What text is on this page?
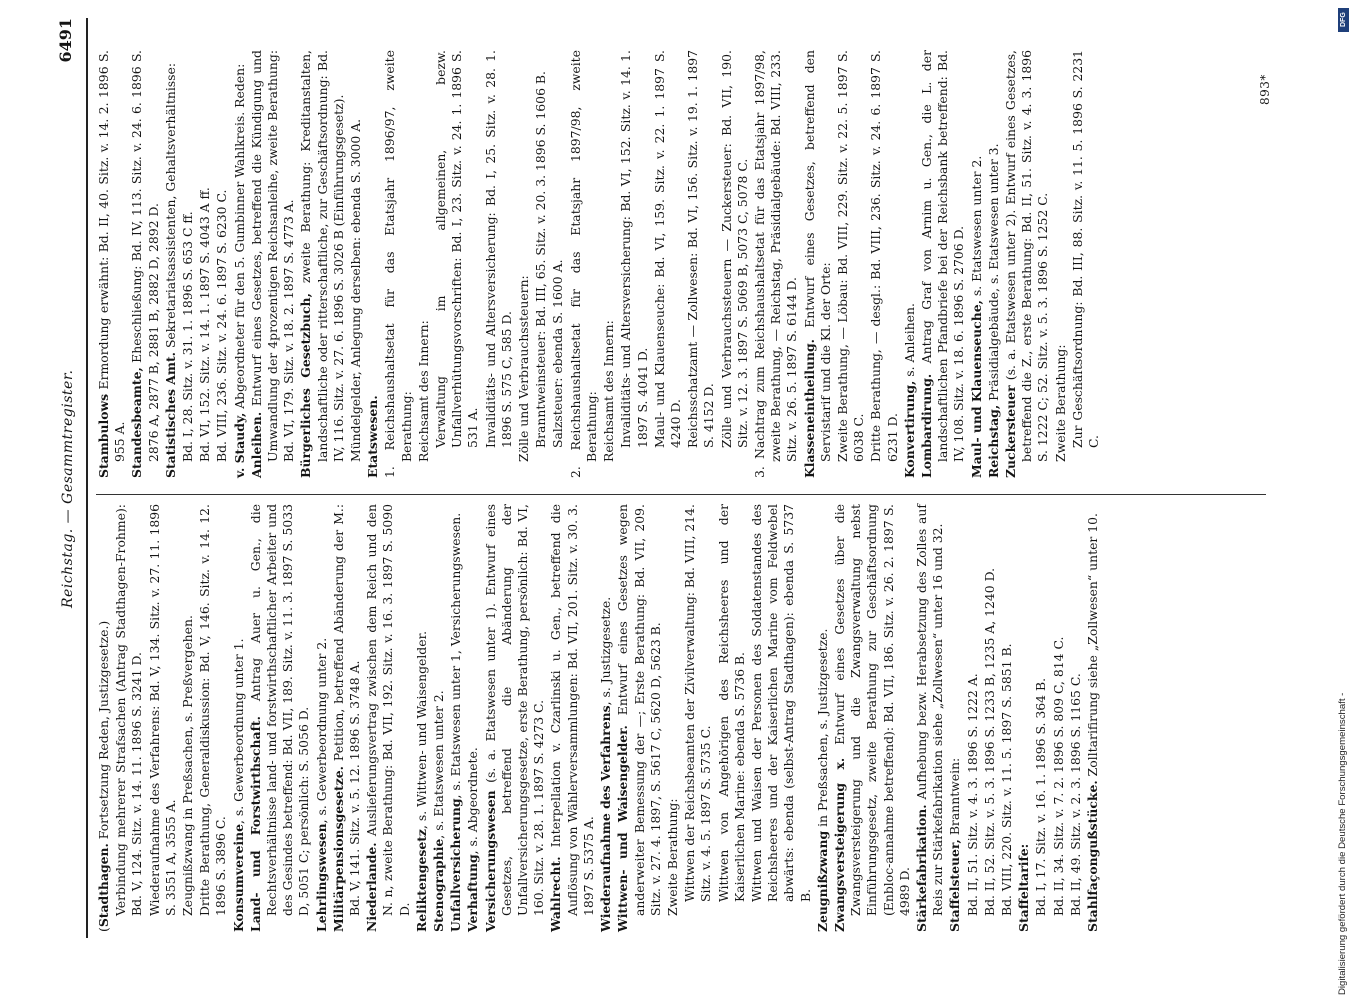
Reichstag. — Gesammtregister.
6491

(Stadthagen. Fortsetzung Reden, Justizgesetze.) Verbindung mehrerer Strafsachen (Antrag Stadthagen-Frohme): Bd. V, 124. Sitz. v. 14. 11. 1896 S. 3241 D. Wiederaufnahme des Verfahrens: Bd. V, 134. Sitz. v. 27. 11. 1896 S. 3551 A, 3555 A. Zeugnißzwang in Preßsachen, s. Preßvergehen. Dritte Berathung, Generaldiskussion: Bd. V, 146. Sitz. v. 14. 12. 1896 S. 3896 C. Konsumvereine, s. Gewerbeordnung unter 1. Land- und Forstwirthschaft. Antrag Auer u. Gen., die Rechtsverhältnisse land- und forstwirthschaftlicher Arbeiter und des Gesindes betreffend: Bd. VII, 189. Sitz. v. 11. 3. 1897 S. 5033 D, 5051 C; persönlich: S. 5056 D. Lehrlingswesen, s. Gewerbeordnung unter 2.

Militärpensionsgesetze. Petition, betreffend Abänderung der M.: Bd. V, 141. Sitz. v. 5. 12. 1896 S. 3748 A. Niederlande. Auslieferungsvertrag zwischen dem Reich und den N. n, zweite Berathung: Bd. VII, 192. Sitz. v. 16. 3. 1897 S. 5090 D. Reliktengesetz, s. Wittwen- und Waisengelder.

Stenographie, s. Etatswesen unter 2.

Unfallversicherung, s. Etatswesen unter 1, Versicherungswesen.

Verhaftung, s. Abgeordnete. Versicherungswesen (s. a. Etatswesen unter 1). Entwurf eines Gesetzes, betreffend die Abänderung der Unfallversicherungsgesetze, erste Berathung, persönlich: Bd. VI, 160. Sitz. v. 28. 1. 1897 S. 4273 C. Wahlrecht. Interpellation v. Czarlinski u. Gen., betreffend die Auflösung von Wählerversammlungen: Bd. VII, 201. Sitz. v. 30. 3. 1897 S. 5375 A. Wiederaufnahme des Verfahrens, s. Justizgesetze.

Wittwen- und Waisengelder. Entwurf eines Gesetzes wegen anderweiter Bemessung der —; Erste Berathung: Bd. VII, 209. Sitz. v. 27. 4. 1897, S. 5617 C, 5620 D, 5623 B. Zweite Berathung: Wittwen der Reichsbeamten der Zivilverwaltung: Bd. VIII, 214. Sitz. v. 4. 5. 1897 S. 5735 C. Wittwen von Angehörigen des Reichsheeres und der Kaiserlichen Marine: ebenda S. 5736 B. Wittwen und Waisen der Personen des Soldatenstandes des Reichsheeres und der Kaiserlichen Marine vom Feldwebel abwärts: ebenda (selbst-Antrag Stadthagen): ebenda S. 5737 B. Zeugnißzwang in Preßsachen, s. Justizgesetze.

Zwangsversteigerung x. Entwurf eines Gesetzes über die Zwangsversteigerung und die Zwangsverwaltung nebst Einführungsgesetz, zweite Berathung zur Geschäftsordnung (Enbloc-annahme betreffend): Bd. VII, 186. Sitz. v. 26. 2. 1897 S. 4989 D. Stärkefabrikation. Aufhebung bezw. Herabsetzung des Zolles auf Reis zur Stärkefabrikation siehe „Zollwesen“ unter 16 und 32. Staffelsteuer, Branntwein: Bd. II, 51. Sitz. v. 4. 3. 1896 S. 1222 A. Bd. II, 52. Sitz. v. 5. 3. 1896 S. 1233 B, 1235 A, 1240 D. Bd. VIII, 220. Sitz. v. 11. 5. 1897 S. 5851 B. Staffeltarife: Bd. I, 17. Sitz. v. 16. 1. 1896 S. 364 B. Bd. II, 34. Sitz. v. 7. 2. 1896 S. 809 C, 814 C. Bd. II, 49. Sitz. v. 2. 3. 1896 S. 1165 C. Stahlfaçongußstücke. Zolltarifirung siehe „Zollwesen“ unter 10.

Stambulows Ermordung erwähnt: Bd. II, 40. Sitz. v. 14. 2. 1896 S. 955 A. Standesbeamte, Eheschließung: Bd. IV, 113. Sitz. v. 24. 6. 1896 S. 2876 A, 2877 B, 2881 B, 2882 D, 2892 D. Statistisches Amt. Sekretariatsassistenten, Gehaltsverhältnisse: Bd. I, 28. Sitz. v. 31. 1. 1896 S. 653 C ff. Bd. VI, 152. Sitz. v. 14. 1. 1897 S. 4043 A ff. Bd. VIII, 236. Sitz. v. 24. 6. 1897 S. 6230 C. v. Staudy, Abgeordneter für den 5. Gumbinner Wahlkreis. Reden:

Anleihen. Entwurf eines Gesetzes, betreffend die Kündigung und Umwandlung der 4prozentigen Reichsanleihe, zweite Berathung: Bd. VI, 179. Sitz. v. 18. 2. 1897 S. 4773 A. Bürgerliches Gesetzbuch, zweite Berathung: Kreditanstalten, landschaftliche oder ritterschaftliche, zur Geschäftsordnung: Bd. IV, 116. Sitz. v. 27. 6. 1896 S. 3026 B (Einführungsgesetz). Mündelgelder, Anlegung derselben: ebenda S. 3000 A. Etatswesen. 1. Reichshaushaltsetat für das Etatsjahr 1896/97, zweite Berathung: Reichsamt des Innern: Verwaltung im allgemeinen, bezw. Unfallverhütungsvorschriften: Bd. I, 23. Sitz. v. 24. 1. 1896 S. 531 A. Invaliditäts- und Altersversicherung: Bd. I, 25. Sitz. v. 28. 1. 1896 S. 575 C, 585 D. Zölle und Verbrauchssteuern: Branntweinsteuer: Bd. III, 65. Sitz. v. 20. 3. 1896 S. 1606 B. Salzsteuer: ebenda S. 1600 A. 2. Reichshaushaltsetat für das Etatsjahr 1897/98, zweite Berathung: Reichsamt des Innern: Invaliditäts- und Altersversicherung: Bd. VI, 152. Sitz. v. 14. 1. 1897 S. 4041 D. Maul- und Klauenseuche: Bd. VI, 159. Sitz. v. 22. 1. 1897 S. 4240 D. Reichsschatzamt — Zollwesen: Bd. VI, 156. Sitz. v. 19. 1. 1897 S. 4152 D. Zölle und Verbrauchssteuern — Zuckersteuer: Bd. VII, 190. Sitz. v. 12. 3. 1897 S. 5069 B, 5073 C, 5078 C. 3. Nachtrag zum Reichshaushaltsetat für das Etatsjahr 1897/98, zweite Berathung, — Reichstag, Präsidialgebäude: Bd. VIII, 233. Sitz. v. 26. 5. 1897 S. 6144 D. Klasseneintheilung. Entwurf eines Gesetzes, betreffend den Servistarif und die Kl. der Orte: Zweite Berathung, — Löbau: Bd. VIII, 229. Sitz. v. 22. 5. 1897 S. 6038 C. Dritte Berathung, — desgl.: Bd. VIII, 236. Sitz. v. 24. 6. 1897 S. 6231 D. Konvertirung, s. Anleihen.

Lombardirung. Antrag Graf von Arnim u. Gen., die L. der landschaftlichen Pfandbriefe bei der Reichsbank betreffend: Bd. IV, 108. Sitz. v. 18. 6. 1896 S. 2706 D. Maul- und Klauenseuche, s. Etatswesen unter 2.

Reichstag, Präsidialgebäude, s. Etatswesen unter 3.

Zuckersteuer (s. a. Etatswesen unter 2). Entwurf eines Gesetzes, betreffend die Z., erste Berathung: Bd. II, 51. Sitz. v. 4. 3. 1896 S. 1222 C; 52. Sitz. v. 5. 3. 1896 S. 1252 C. Zweite Berathung: Zur Geschäftsordnung: Bd. III, 88. Sitz. v. 11. 5. 1896 S. 2231 C.

893*
Digitalisierung gefördert durch die Deutsche Forschungsgemeinschaft -
DFG
